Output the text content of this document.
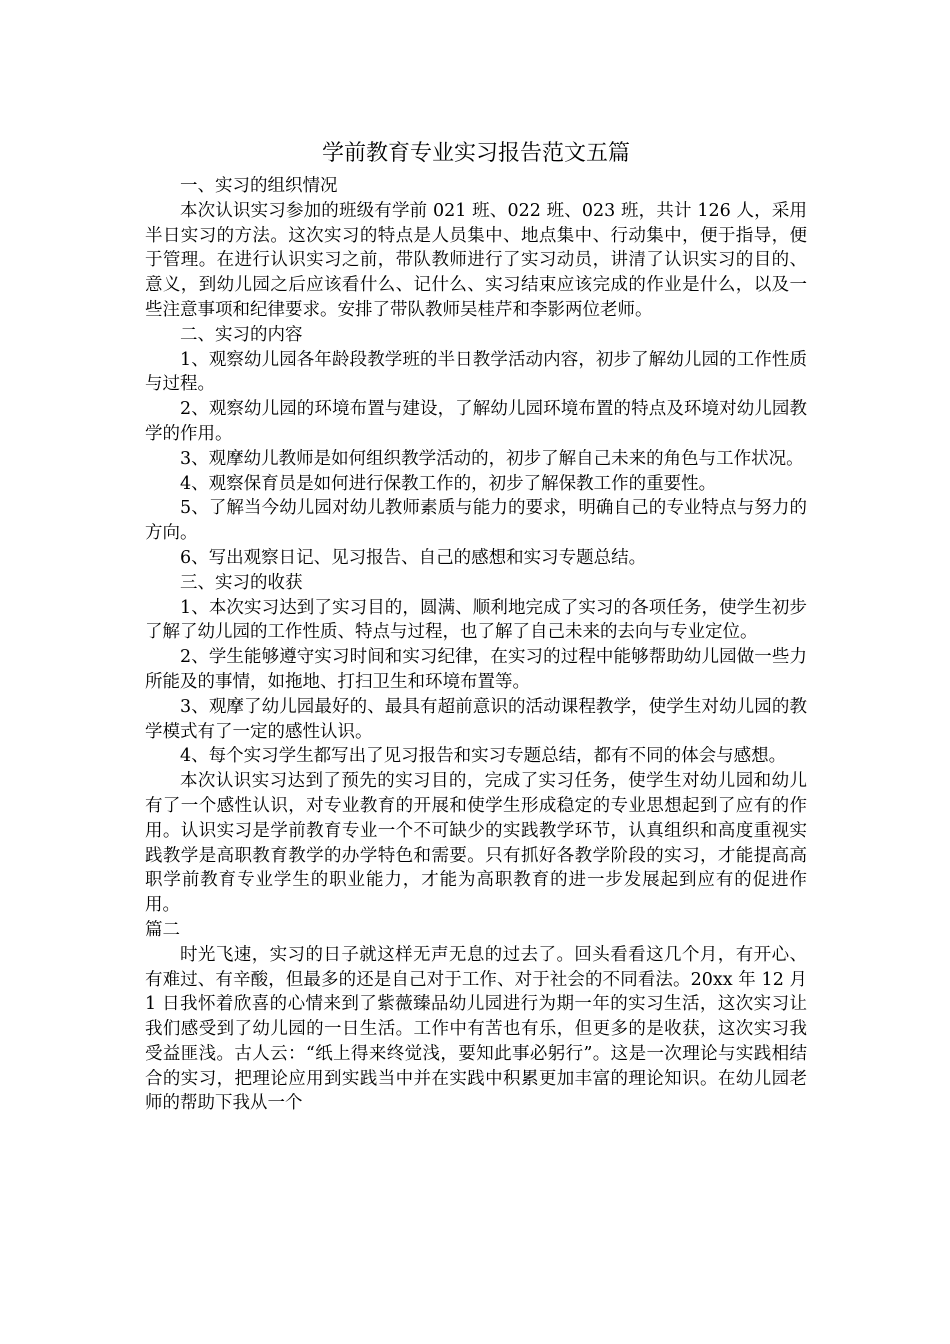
学前教育专业实习报告范文五篇

一、实习的组织情况

本次认识实习参加的班级有学前 021 班、022 班、023 班，共计 126 人，采用半日实习的方法。这次实习的特点是人员集中、地点集中、行动集中，便于指导，便于管理。在进行认识实习之前，带队教师进行了实习动员，讲清了认识实习的目的、意义，到幼儿园之后应该看什么、记什么、实习结束应该完成的作业是什么，以及一些注意事项和纪律要求。安排了带队教师吴桂芹和李影两位老师。

二、实习的内容

1、观察幼儿园各年龄段教学班的半日教学活动内容，初步了解幼儿园的工作性质与过程。

2、观察幼儿园的环境布置与建设，了解幼儿园环境布置的特点及环境对幼儿园教学的作用。

3、观摩幼儿教师是如何组织教学活动的，初步了解自己未来的角色与工作状况。

4、观察保育员是如何进行保教工作的，初步了解保教工作的重要性。

5、了解当今幼儿园对幼儿教师素质与能力的要求，明确自己的专业特点与努力的方向。

6、写出观察日记、见习报告、自己的感想和实习专题总结。

三、实习的收获

1、本次实习达到了实习目的，圆满、顺利地完成了实习的各项任务，使学生初步了解了幼儿园的工作性质、特点与过程，也了解了自己未来的去向与专业定位。

2、学生能够遵守实习时间和实习纪律，在实习的过程中能够帮助幼儿园做一些力所能及的事情，如拖地、打扫卫生和环境布置等。

3、观摩了幼儿园最好的、最具有超前意识的活动课程教学，使学生对幼儿园的教学模式有了一定的感性认识。

4、每个实习学生都写出了见习报告和实习专题总结，都有不同的体会与感想。

本次认识实习达到了预先的实习目的，完成了实习任务，使学生对幼儿园和幼儿有了一个感性认识，对专业教育的开展和使学生形成稳定的专业思想起到了应有的作用。认识实习是学前教育专业一个不可缺少的实践教学环节，认真组织和高度重视实践教学是高职教育教学的办学特色和需要。只有抓好各教学阶段的实习，才能提高高职学前教育专业学生的职业能力，才能为高职教育的进一步发展起到应有的促进作用。

篇二

时光飞速，实习的日子就这样无声无息的过去了。回头看看这几个月，有开心、有难过、有辛酸，但最多的还是自己对于工作、对于社会的不同看法。20xx 年 12 月 1 日我怀着欣喜的心情来到了紫薇臻品幼儿园进行为期一年的实习生活，这次实习让我们感受到了幼儿园的一日生活。工作中有苦也有乐，但更多的是收获，这次实习我受益匪浅。古人云：“纸上得来终觉浅，要知此事必躬行”。这是一次理论与实践相结合的实习，把理论应用到实践当中并在实践中积累更加丰富的理论知识。在幼儿园老师的帮助下我从一个
